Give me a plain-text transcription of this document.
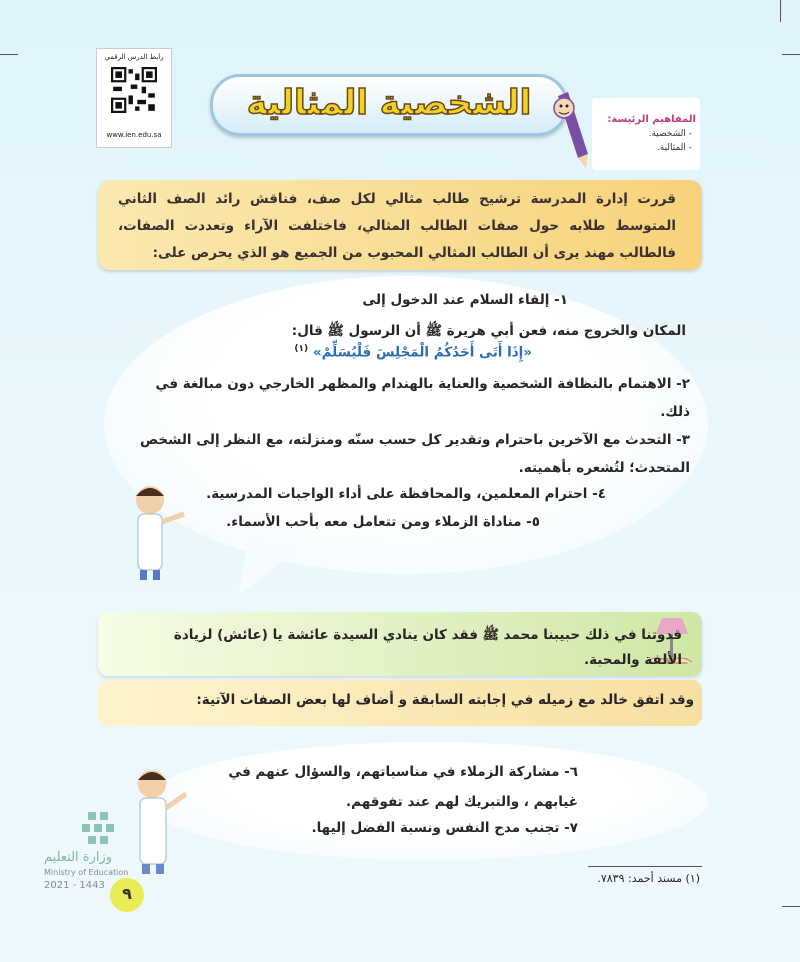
رابط الدرس الرقمي
www.ien.edu.sa
الشخصية المثالية	المفاهيم الرئيسة:
- الشخصية.
- المثالية.
قررت إدارة المدرسة ترشيح طالب مثالي لكل صف، فناقش رائد الصف الثاني المتوسط طلابه حول صفات الطالب المثالي، فاختلفت الآراء وتعددت الصفات، فالطالب مهند يرى أن الطالب المثالي المحبوب من الجميع هو الذي يحرص على:
١- إلقاء السلام عند الدخول إلى
المكان والخروج منه، فعن أبي هريرة ﷺ أن الرسول ﷺ قال:
«إِذَا أَتَى أَحَدُكُمُ الْمَجْلِسَ فَلْيُسَلِّمْ» $^{(١)}$
٢- الاهتمام بالنظافة الشخصية والعناية بالهندام والمظهر الخارجي دون مبالغة في
ذلك.
٣- التحدث مع الآخرين باحترام وتقدير كل حسب سنّه ومنزلته، مع النظر إلى الشخص
المتحدث؛ لتُشعره بأهميته.
٤- احترام المعلمين، والمحافظة على أداء الواجبات المدرسية.
٥- مناداة الزملاء ومن تتعامل معه بأحب الأسماء.
قدوتنا في ذلك حبيبنا محمد ﷺ فقد كان ينادي السيدة عائشة يا (عائش) لزيادة
الألفة والمحبة.
وقد اتفق خالد مع زميله في إجابته السابقة و أضاف لها بعض الصفات الآتية:
٦- مشاركة الزملاء في مناسباتهم، والسؤال عنهم في
غيابهم ، والتبريك لهم عند تفوقهم.
٧- تجنب مدح النفس ونسبة الفضل إليها.
وزارة التعليم
Ministry of Education
2021 - 1443
(١) مسند أحمد: ٧٨٣٩.
٩
